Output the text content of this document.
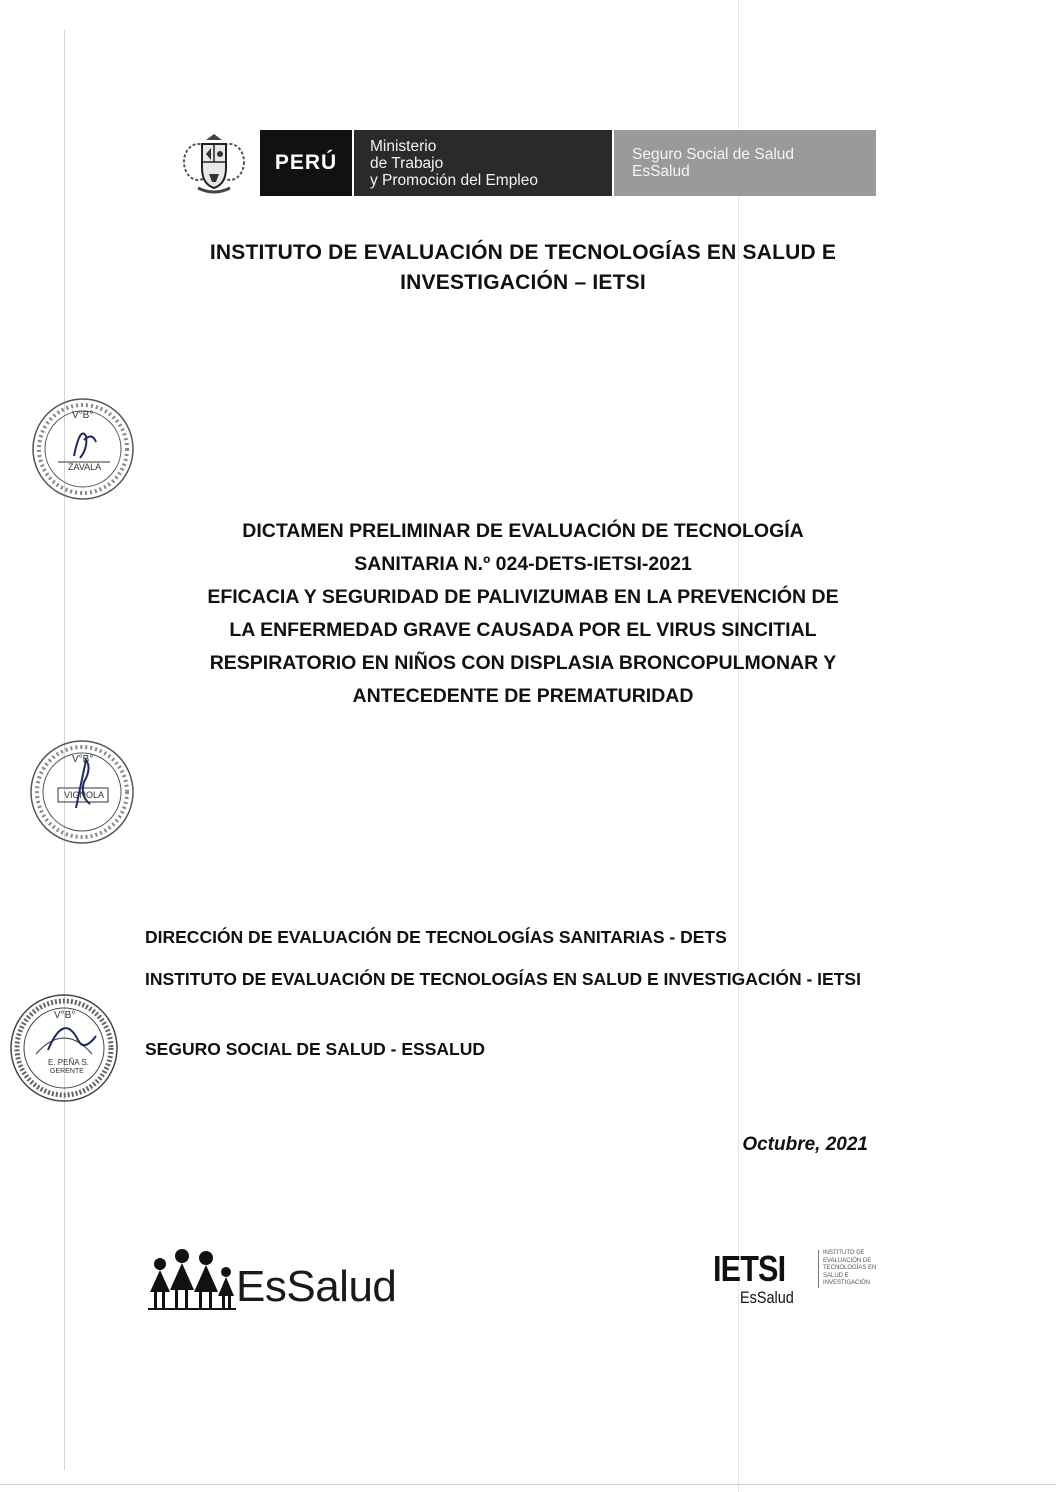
PERÚ
Ministerio
de Trabajo
y Promoción del Empleo
Seguro Social de Salud
EsSalud
INSTITUTO DE EVALUACIÓN DE TECNOLOGÍAS EN SALUD E
INVESTIGACIÓN – IETSI
V°B°
ZAVALA
DICTAMEN PRELIMINAR DE EVALUACIÓN DE TECNOLOGÍA
SANITARIA N.º 024-DETS-IETSI-2021
EFICACIA Y SEGURIDAD DE PALIVIZUMAB EN LA PREVENCIÓN DE
LA ENFERMEDAD GRAVE CAUSADA POR EL VIRUS SINCITIAL
RESPIRATORIO EN NIÑOS CON DISPLASIA BRONCOPULMONAR Y
ANTECEDENTE DE PREMATURIDAD
V°B°
VIGNOLA
DIRECCIÓN DE EVALUACIÓN DE TECNOLOGÍAS SANITARIAS - DETS
INSTITUTO DE EVALUACIÓN DE TECNOLOGÍAS EN SALUD E INVESTIGACIÓN - IETSI
SEGURO SOCIAL DE SALUD - ESSALUD
V°B°
E. PEÑA S.
GERENTE
Octubre, 2021
EsSalud	IETSI
EsSalud
INSTITUTO DE
EVALUACIÓN DE
TECNOLOGÍAS EN
SALUD E
INVESTIGACIÓN
